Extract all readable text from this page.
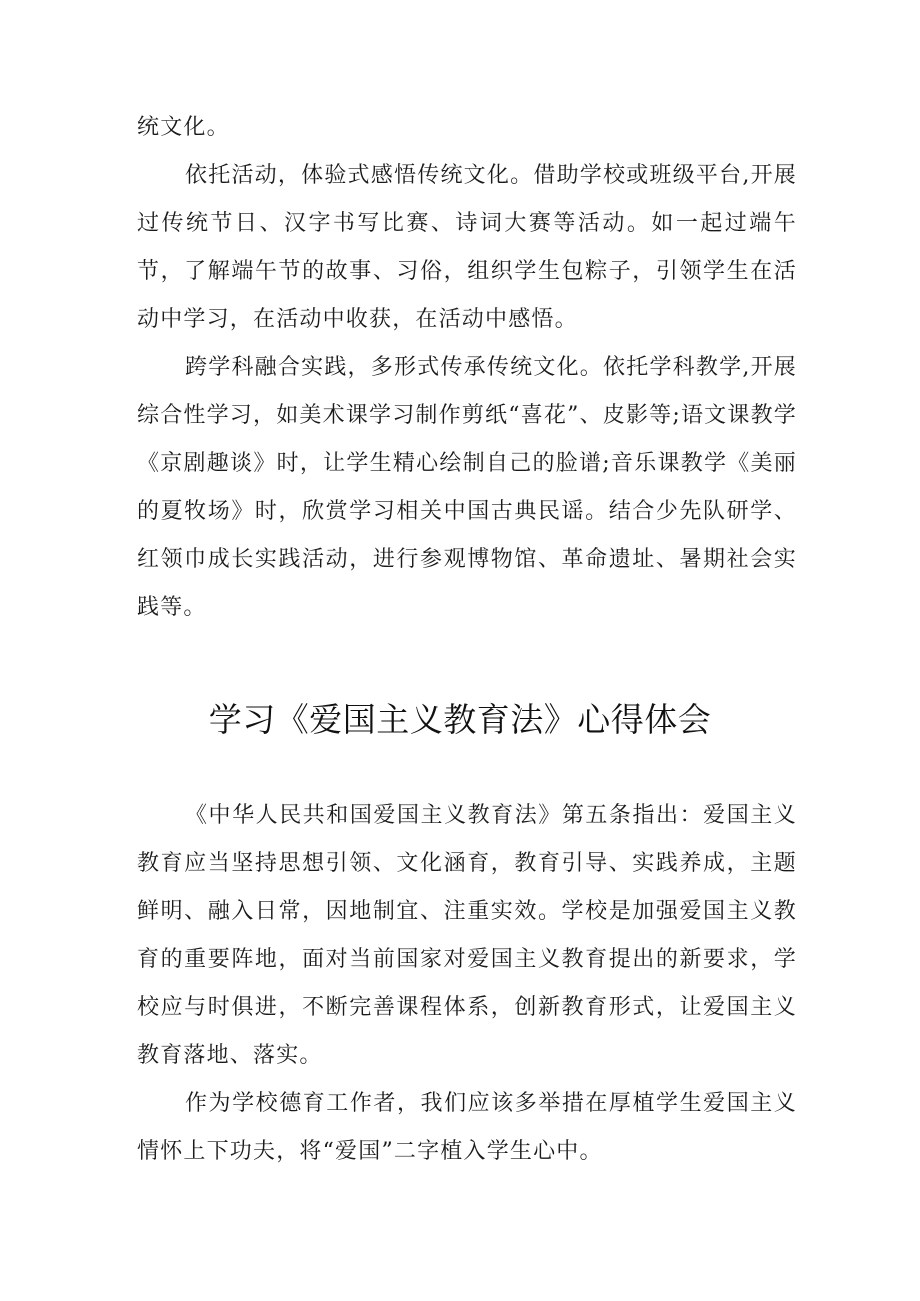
统文化。

依托活动，体验式感悟传统文化。借助学校或班级平台,开展过传统节日、汉字书写比赛、诗词大赛等活动。如一起过端午节，了解端午节的故事、习俗，组织学生包粽子，引领学生在活动中学习，在活动中收获，在活动中感悟。

跨学科融合实践，多形式传承传统文化。依托学科教学,开展综合性学习，如美术课学习制作剪纸“喜花”、皮影等;语文课教学《京剧趣谈》时，让学生精心绘制自己的脸谱;音乐课教学《美丽的夏牧场》时，欣赏学习相关中国古典民谣。结合少先队研学、红领巾成长实践活动，进行参观博物馆、革命遗址、暑期社会实践等。

学习《爱国主义教育法》心得体会

《中华人民共和国爱国主义教育法》第五条指出：爱国主义教育应当坚持思想引领、文化涵育，教育引导、实践养成，主题鲜明、融入日常，因地制宜、注重实效。学校是加强爱国主义教育的重要阵地，面对当前国家对爱国主义教育提出的新要求，学校应与时俱进，不断完善课程体系，创新教育形式，让爱国主义教育落地、落实。

作为学校德育工作者，我们应该多举措在厚植学生爱国主义情怀上下功夫，将“爱国”二字植入学生心中。
